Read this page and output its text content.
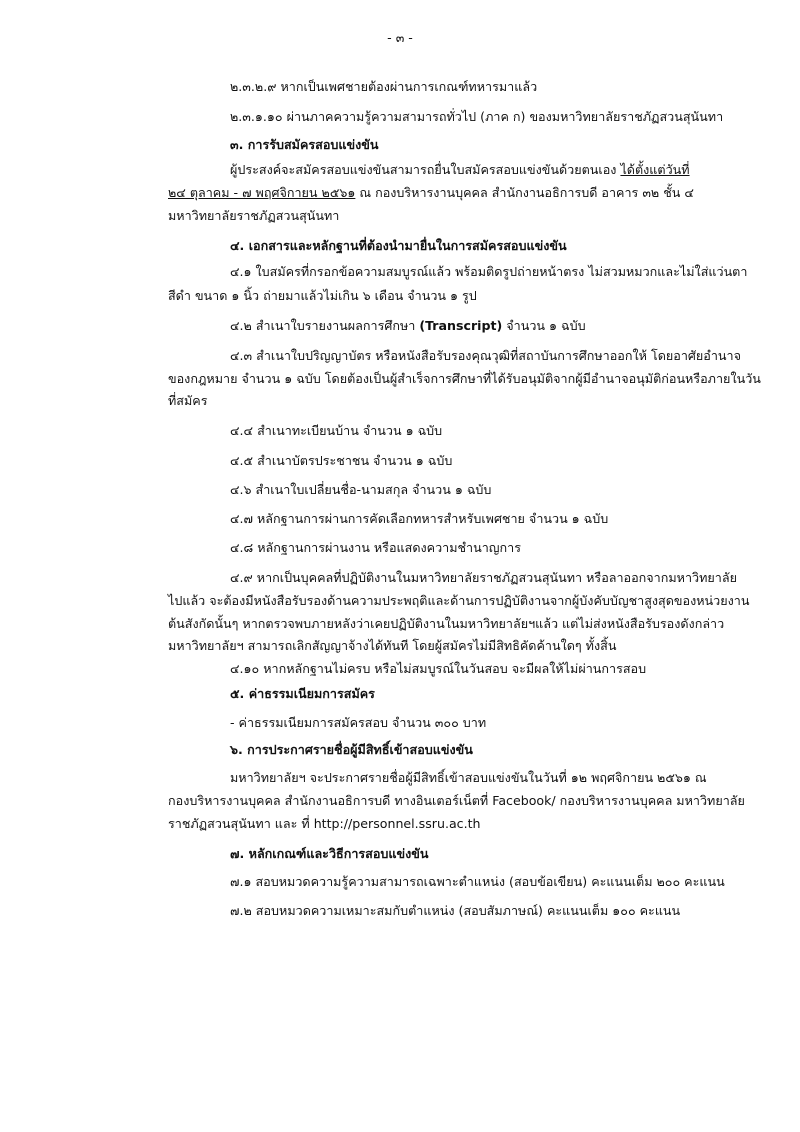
- ๓ -
๒.๓.๒.๙ หากเป็นเพศชายต้องผ่านการเกณฑ์ทหารมาแล้ว
๒.๓.๑.๑๐ ผ่านภาคความรู้ความสามารถทั่วไป (ภาค ก) ของมหาวิทยาลัยราชภัฏสวนสุนันทา
๓. การรับสมัครสอบแข่งขัน
ผู้ประสงค์จะสมัครสอบแข่งขันสามารถยื่นใบสมัครสอบแข่งขันด้วยตนเอง ได้ตั้งแต่วันที่
๒๔ ตุลาคม - ๗ พฤศจิกายน ๒๕๖๑ ณ กองบริหารงานบุคคล สำนักงานอธิการบดี อาคาร ๓๒ ชั้น ๔
มหาวิทยาลัยราชภัฏสวนสุนันทา
๔. เอกสารและหลักฐานที่ต้องนำมายื่นในการสมัครสอบแข่งขัน
๔.๑ ใบสมัครที่กรอกข้อความสมบูรณ์แล้ว พร้อมติดรูปถ่ายหน้าตรง ไม่สวมหมวกและไม่ใส่แว่นตา
สีดำ ขนาด ๑ นิ้ว ถ่ายมาแล้วไม่เกิน ๖ เดือน จำนวน ๑ รูป
๔.๒ สำเนาใบรายงานผลการศึกษา (Transcript) จำนวน ๑ ฉบับ
๔.๓ สำเนาใบปริญญาบัตร หรือหนังสือรับรองคุณวุฒิที่สถาบันการศึกษาออกให้ โดยอาศัยอำนาจ
ของกฎหมาย จำนวน ๑ ฉบับ โดยต้องเป็นผู้สำเร็จการศึกษาที่ได้รับอนุมัติจากผู้มีอำนาจอนุมัติก่อนหรือภายในวัน
ที่สมัคร
๔.๔ สำเนาทะเบียนบ้าน จำนวน ๑ ฉบับ
๔.๕ สำเนาบัตรประชาชน จำนวน ๑ ฉบับ
๔.๖ สำเนาใบเปลี่ยนชื่อ-นามสกุล จำนวน ๑ ฉบับ
๔.๗ หลักฐานการผ่านการคัดเลือกทหารสำหรับเพศชาย จำนวน ๑ ฉบับ
๔.๘ หลักฐานการผ่านงาน หรือแสดงความชำนาญการ
๔.๙ หากเป็นบุคคลที่ปฏิบัติงานในมหาวิทยาลัยราชภัฏสวนสุนันทา หรือลาออกจากมหาวิทยาลัย
ไปแล้ว จะต้องมีหนังสือรับรองด้านความประพฤติและด้านการปฏิบัติงานจากผู้บังคับบัญชาสูงสุดของหน่วยงาน
ต้นสังกัดนั้นๆ หากตรวจพบภายหลังว่าเคยปฏิบัติงานในมหาวิทยาลัยฯแล้ว แต่ไม่ส่งหนังสือรับรองดังกล่าว
มหาวิทยาลัยฯ สามารถเลิกสัญญาจ้างได้ทันที โดยผู้สมัครไม่มีสิทธิคัดค้านใดๆ ทั้งสิ้น
๔.๑๐ หากหลักฐานไม่ครบ หรือไม่สมบูรณ์ในวันสอบ จะมีผลให้ไม่ผ่านการสอบ
๕. ค่าธรรมเนียมการสมัคร
- ค่าธรรมเนียมการสมัครสอบ จำนวน ๓๐๐ บาท
๖. การประกาศรายชื่อผู้มีสิทธิ์เข้าสอบแข่งขัน
มหาวิทยาลัยฯ จะประกาศรายชื่อผู้มีสิทธิ์เข้าสอบแข่งขันในวันที่ ๑๒ พฤศจิกายน ๒๕๖๑ ณ
กองบริหารงานบุคคล สำนักงานอธิการบดี ทางอินเตอร์เน็ตที่ Facebook/ กองบริหารงานบุคคล มหาวิทยาลัย
ราชภัฏสวนสุนันทา และ ที่ http://personnel.ssru.ac.th
๗. หลักเกณฑ์และวิธีการสอบแข่งขัน
๗.๑ สอบหมวดความรู้ความสามารถเฉพาะตำแหน่ง (สอบข้อเขียน) คะแนนเต็ม ๒๐๐ คะแนน
๗.๒ สอบหมวดความเหมาะสมกับตำแหน่ง (สอบสัมภาษณ์) คะแนนเต็ม ๑๐๐ คะแนน
